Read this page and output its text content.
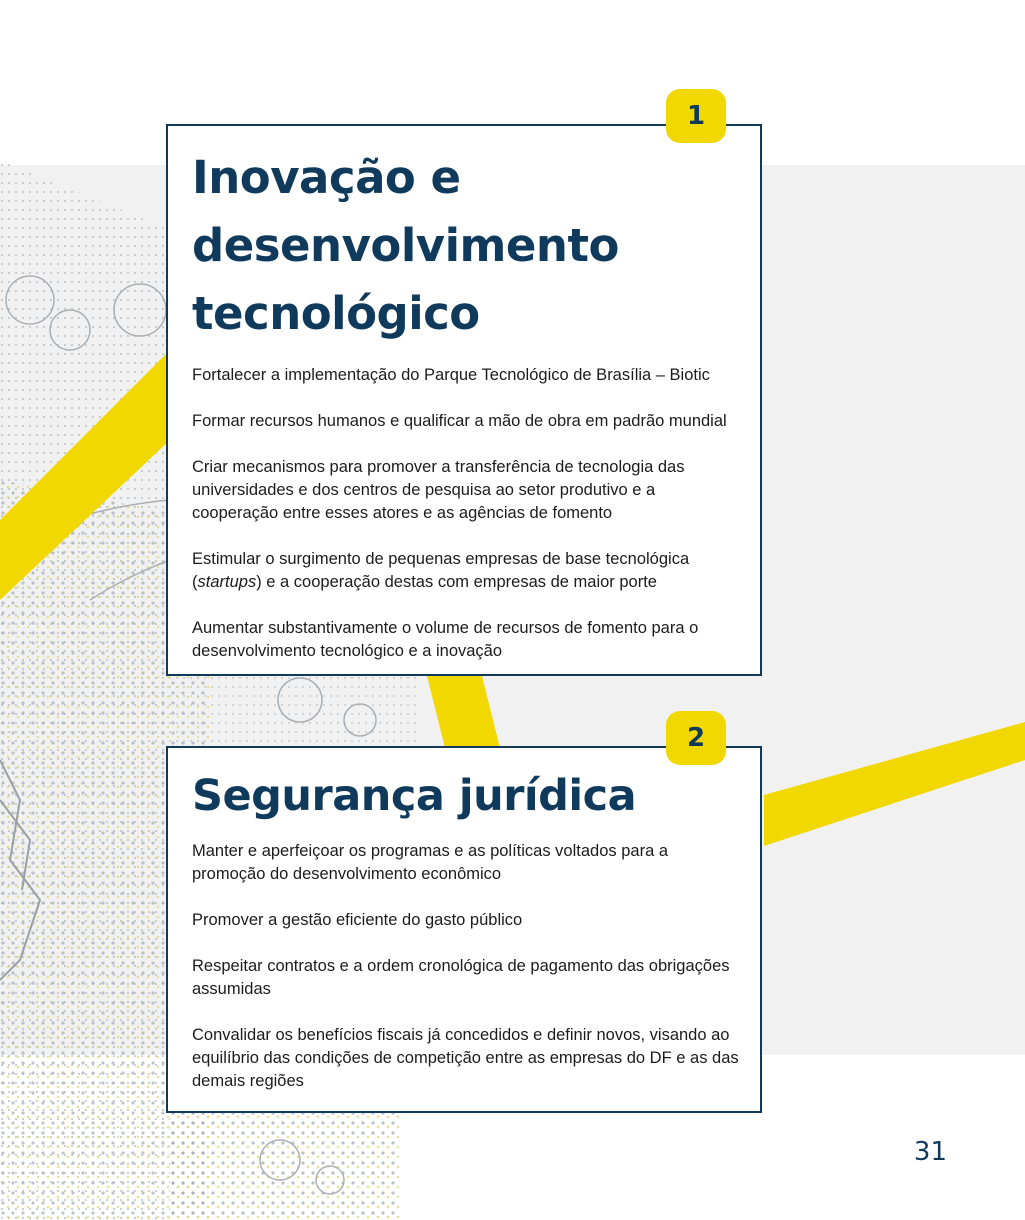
1
Inovação e desenvolvimento tecnológico
Fortalecer a implementação do Parque Tecnológico de Brasília – Biotic
Formar recursos humanos e qualificar a mão de obra em padrão mundial
Criar mecanismos para promover a transferência de tecnologia das universidades e dos centros de pesquisa ao setor produtivo e a cooperação entre esses atores e as agências de fomento
Estimular o surgimento de pequenas empresas de base tecnológica (startups) e a cooperação destas com empresas de maior porte
Aumentar substantivamente o volume de recursos de fomento para o desenvolvimento tecnológico e a inovação
2
Segurança jurídica
Manter e aperfeiçoar os programas e as políticas voltados para a promoção do desenvolvimento econômico
Promover a gestão eficiente do gasto público
Respeitar contratos e a ordem cronológica de pagamento das obrigações assumidas
Convalidar os benefícios fiscais já concedidos e definir novos, visando ao equilíbrio das condições de competição entre as empresas do DF e as das demais regiões
31
